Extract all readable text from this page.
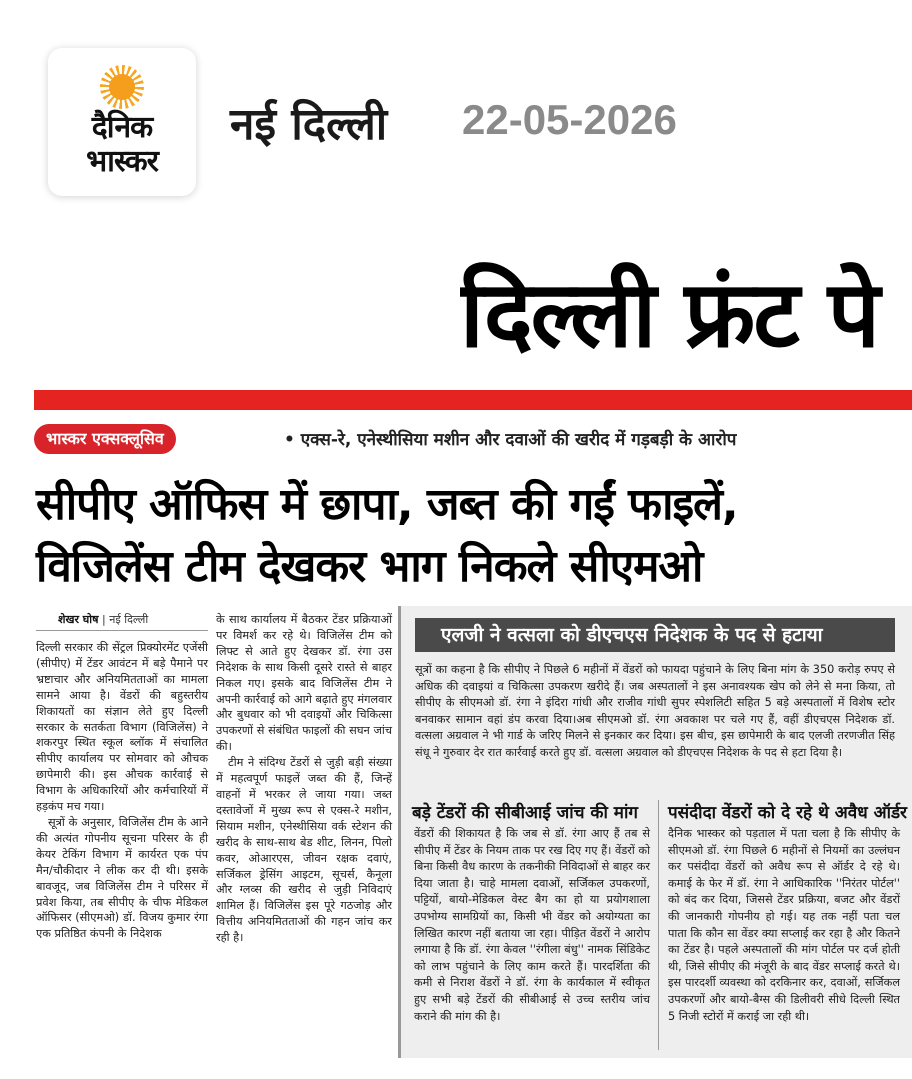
दैनिक
भास्कर
नई दिल्ली 22-05-2026
दिल्ली फ्रंट पे
भास्कर एक्सक्लूसिव	• एक्स-रे, एनेस्थीसिया मशीन और दवाओं की खरीद में गड़बड़ी के आरोप
सीपीए ऑफिस में छापा, जब्त की गईं फाइलें,
विजिलेंस टीम देखकर भाग निकले सीएमओ
शेखर घोष | नई दिल्ली

दिल्ली सरकार की सेंट्रल प्रिक्योरमेंट एजेंसी (सीपीए) में टेंडर आवंटन में बड़े पैमाने पर भ्रष्टाचार और अनियमितताओं का मामला सामने आया है। वेंडरों की बहुस्तरीय शिकायतों का संज्ञान लेते हुए दिल्ली सरकार के सतर्कता विभाग (विजिलेंस) ने शकरपुर स्थित स्कूल ब्लॉक में संचालित सीपीए कार्यालय पर सोमवार को औचक छापेमारी की। इस औचक कार्रवाई से विभाग के अधिकारियों और कर्मचारियों में हड़कंप मच गया।

सूत्रों के अनुसार, विजिलेंस टीम के आने की अत्यंत गोपनीय सूचना परिसर के ही केयर टेकिंग विभाग में कार्यरत एक पंप मैन/चौकीदार ने लीक कर दी थी। इसके बावजूद, जब विजिलेंस टीम ने परिसर में प्रवेश किया, तब सीपीए के चीफ मेडिकल ऑफिसर (सीएमओ) डॉ. विजय कुमार रंगा एक प्रतिष्ठित कंपनी के निदेशक

के साथ कार्यालय में बैठकर टेंडर प्रक्रियाओं पर विमर्श कर रहे थे। विजिलेंस टीम को लिफ्ट से आते हुए देखकर डॉ. रंगा उस निदेशक के साथ किसी दूसरे रास्ते से बाहर निकल गए। इसके बाद विजिलेंस टीम ने अपनी कार्रवाई को आगे बढ़ाते हुए मंगलवार और बुधवार को भी दवाइयों और चिकित्सा उपकरणों से संबंधित फाइलों की सघन जांच की।

टीम ने संदिग्ध टेंडरों से जुड़ी बड़ी संख्या में महत्वपूर्ण फाइलें जब्त की हैं, जिन्हें वाहनों में भरकर ले जाया गया। जब्त दस्तावेजों में मुख्य रूप से एक्स-रे मशीन, सियाम मशीन, एनेस्थीसिया वर्क स्टेशन की खरीद के साथ-साथ बेड शीट, लिनन, पिलो कवर, ओआरएस, जीवन रक्षक दवाएं, सर्जिकल ड्रेसिंग आइटम, सूचर्स, कैनूला और ग्लव्स की खरीद से जुड़ी निविदाएं शामिल हैं। विजिलेंस इस पूरे गठजोड़ और वित्तीय अनियमितताओं की गहन जांच कर रही है।

एलजी ने वत्सला को डीएचएस निदेशक के पद से हटाया
सूत्रों का कहना है कि सीपीए ने पिछले 6 महीनों में वेंडरों को फायदा पहुंचाने के लिए बिना मांग के 350 करोड़ रुपए से अधिक की दवाइयां व चिकित्सा उपकरण खरीदे हैं। जब अस्पतालों ने इस अनावश्यक खेप को लेने से मना किया, तो सीपीए के सीएमओ डॉ. रंगा ने इंदिरा गांधी और राजीव गांधी सुपर स्पेशलिटी सहित 5 बड़े अस्पतालों में विशेष स्टोर बनवाकर सामान वहां डंप करवा दिया।अब सीएमओ डॉ. रंगा अवकाश पर चले गए हैं, वहीं डीएचएस निदेशक डॉ. वत्सला अग्रवाल ने भी गार्ड के जरिए मिलने से इनकार कर दिया। इस बीच, इस छापेमारी के बाद एलजी तरणजीत सिंह संधू ने गुरुवार देर रात कार्रवाई करते हुए डॉ. वत्सला अग्रवाल को डीएचएस निदेशक के पद से हटा दिया है।
बड़े टेंडरों की सीबीआई जांच की मांग पसंदीदा वेंडरों को दे रहे थे अवैध ऑर्डर
वेंडरों की शिकायत है कि जब से डॉ. रंगा आए हैं तब से सीपीए में टेंडर के नियम ताक पर रख दिए गए हैं। वेंडरों को बिना किसी वैध कारण के तकनीकी निविदाओं से बाहर कर दिया जाता है। चाहे मामला दवाओं, सर्जिकल उपकरणों, पट्टियों, बायो-मेडिकल वेस्ट बैग का हो या प्रयोगशाला उपभोग्य सामग्रियों का, किसी भी वेंडर को अयोग्यता का लिखित कारण नहीं बताया जा रहा। पीड़ित वेंडरों ने आरोप लगाया है कि डॉ. रंगा केवल ''रंगीला बंधु'' नामक सिंडिकेट को लाभ पहुंचाने के लिए काम करते हैं। पारदर्शिता की कमी से निराश वेंडरों ने डॉ. रंगा के कार्यकाल में स्वीकृत हुए सभी बड़े टेंडरों की सीबीआई से उच्च स्तरीय जांच कराने की मांग की है।
दैनिक भास्कर को पड़ताल में पता चला है कि सीपीए के सीएमओ डॉ. रंगा पिछले 6 महीनों से नियमों का उल्लंघन कर पसंदीदा वेंडरों को अवैध रूप से ऑर्डर दे रहे थे। कमाई के फेर में डॉ. रंगा ने आधिकारिक ''निरंतर पोर्टल'' को बंद कर दिया, जिससे टेंडर प्रक्रिया, बजट और वेंडरों की जानकारी गोपनीय हो गई। यह तक नहीं पता चल पाता कि कौन सा वेंडर क्या सप्लाई कर रहा है और कितने का टेंडर है। पहले अस्पतालों की मांग पोर्टल पर दर्ज होती थी, जिसे सीपीए की मंजूरी के बाद वेंडर सप्लाई करते थे। इस पारदर्शी व्यवस्था को दरकिनार कर, दवाओं, सर्जिकल उपकरणों और बायो-बैग्स की डिलीवरी सीधे दिल्ली स्थित 5 निजी स्टोरों में कराई जा रही थी।
